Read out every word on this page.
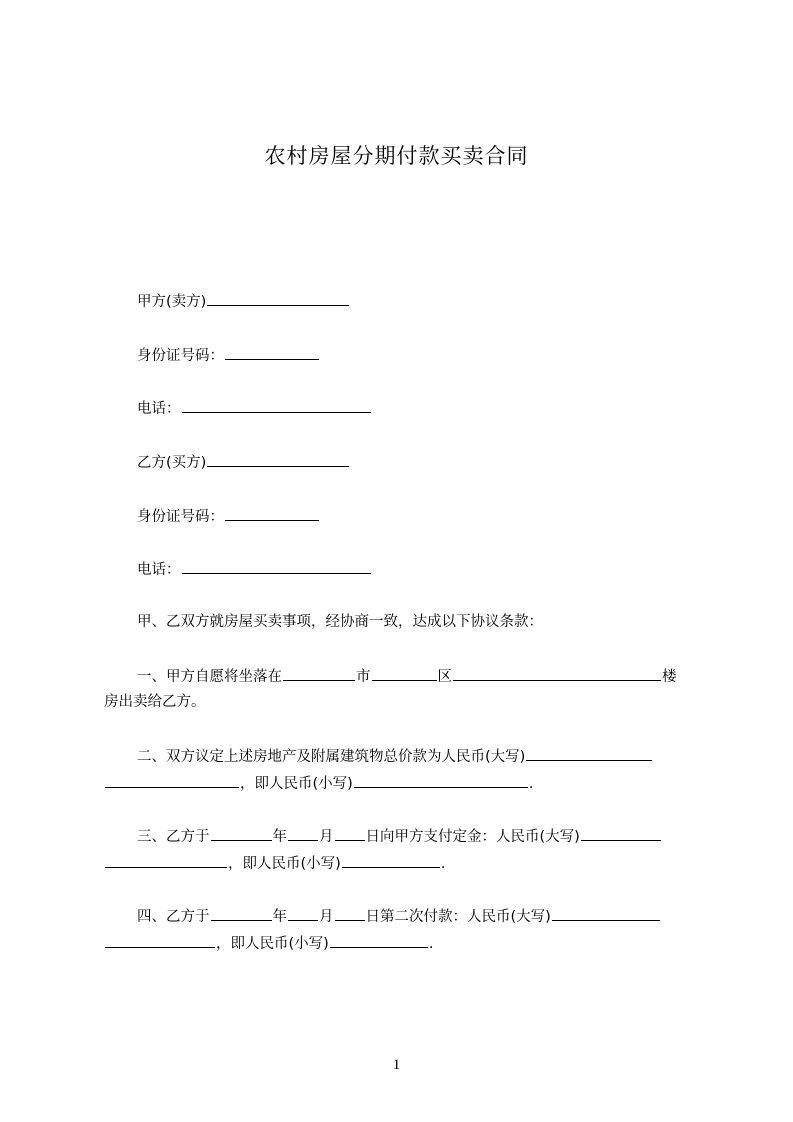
农村房屋分期付款买卖合同

甲方(卖方)

身份证号码：

电话：

乙方(买方)

身份证号码：

电话：

甲、乙双方就房屋买卖事项，经协商一致，达成以下协议条款：

一、甲方自愿将坐落在	市	区	楼

房出卖给乙方。

二、双方议定上述房地产及附属建筑物总价款为人民币(大写)

，即人民币(小写)	.

三、乙方于	年 月 日向甲方支付定金：人民币(大写)

，即人民币(小写)	.

四、乙方于	年 月 日第二次付款：人民币(大写)

，即人民币(小写)	.

1
